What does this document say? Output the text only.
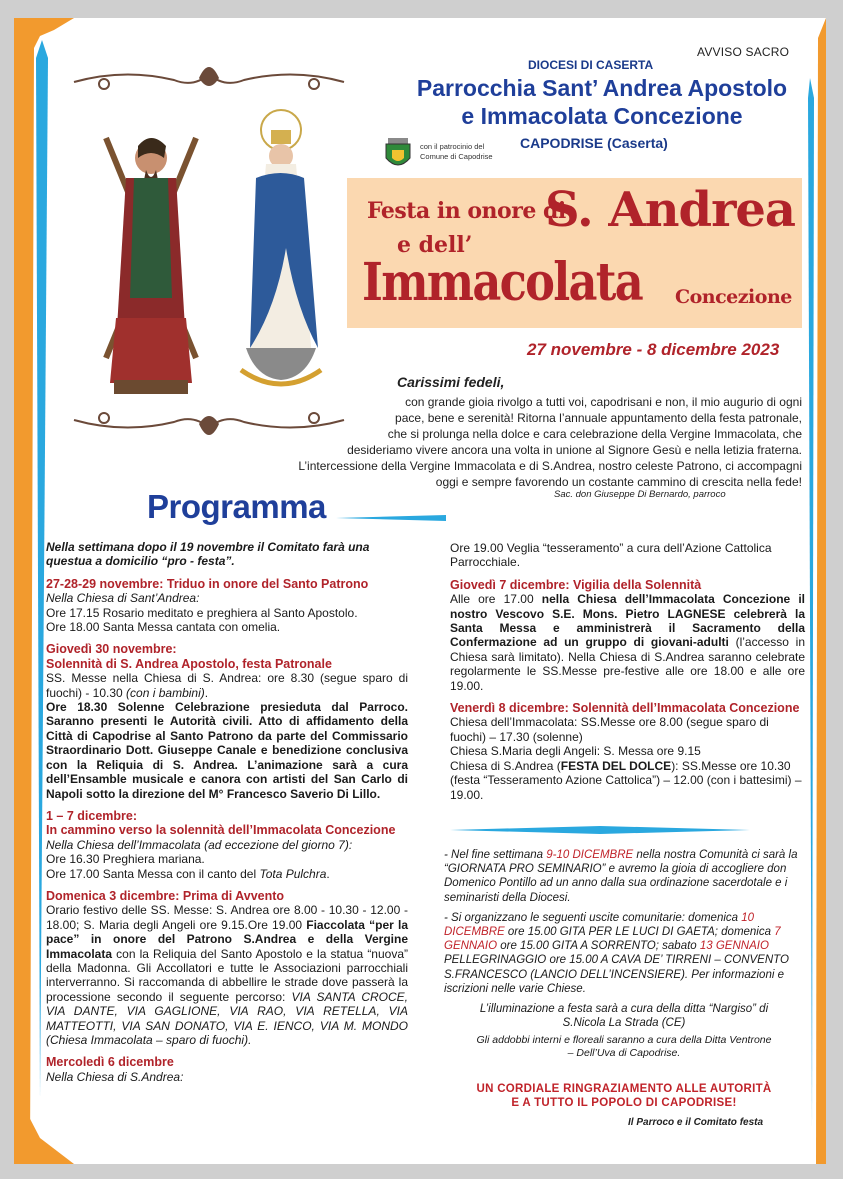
AVVISO SACRO
DIOCESI DI CASERTA
Parrocchia Sant’ Andrea Apostolo
e Immacolata Concezione
CAPODRISE (Caserta)
con il patrocinio del
Comune di Capodrise
Festa in onore di
S. Andrea
e dell’
Immacolata Concezione
27 novembre - 8 dicembre 2023
Carissimi fedeli,
con grande gioia rivolgo a tutti voi, capodrisani e non, il mio augurio di ogni
pace, bene e serenità! Ritorna l’annuale appuntamento della festa patronale,
che si prolunga nella dolce e cara celebrazione della Vergine Immacolata, che
desideriamo vivere ancora una volta in unione al Signore Gesù e nella letizia fraterna.
L’intercessione della Vergine Immacolata e di S.Andrea, nostro celeste Patrono, ci accompagni
oggi e sempre favorendo un costante cammino di crescita nella fede!
Sac. don Giuseppe Di Bernardo, parroco
Programma

Nella settimana dopo il 19 novembre il Comitato farà una questua a domicilio “pro - festa”.

27-28-29 novembre: Triduo in onore del Santo Patrono

Nella Chiesa di Sant’Andrea:

Ore 17.15 Rosario meditato e preghiera al Santo Apostolo.

Ore 18.00 Santa Messa cantata con omelia.

Giovedì 30 novembre:
Solennità di S. Andrea Apostolo, festa Patronale

SS. Messe nella Chiesa di S. Andrea: ore 8.30 (segue sparo di fuochi) - 10.30 (con i bambini).

Ore 18.30 Solenne Celebrazione presieduta dal Parroco. Saranno presenti le Autorità civili. Atto di affidamento della Città di Capodrise al Santo Patrono da parte del Commissario Straordinario Dott. Giuseppe Canale e benedizione conclusiva con la Reliquia di S. Andrea. L’animazione sarà a cura dell’Ensamble musicale e canora con artisti del San Carlo di Napoli sotto la direzione del M° Francesco Saverio Di Lillo.

1 – 7 dicembre:
In cammino verso la solennità dell’Immacolata Concezione

Nella Chiesa dell’Immacolata (ad eccezione del giorno 7):

Ore 16.30 Preghiera mariana.

Ore 17.00 Santa Messa con il canto del Tota Pulchra.

Domenica 3 dicembre: Prima di Avvento

Orario festivo delle SS. Messe: S. Andrea ore 8.00 - 10.30 - 12.00 - 18.00; S. Maria degli Angeli ore 9.15.Ore 19.00 Fiaccolata “per la pace” in onore del Patrono S.Andrea e della Vergine Immacolata con la Reliquia del Santo Apostolo e la statua “nuova” della Madonna. Gli Accollatori e tutte le Associazioni parrocchiali interverranno. Si raccomanda di abbellire le strade dove passerà la processione secondo il seguente percorso: VIA SANTA CROCE, VIA DANTE, VIA GAGLIONE, VIA RAO, VIA RETELLA, VIA MATTEOTTI, VIA SAN DONATO, VIA E. IENCO, VIA M. MONDO (Chiesa Immacolata – sparo di fuochi).

Mercoledì 6 dicembre

Nella Chiesa di S.Andrea:

Ore 19.00 Veglia “tesseramento” a cura dell’Azione Cattolica Parrocchiale.

Giovedì 7 dicembre: Vigilia della Solennità

Alle ore 17.00 nella Chiesa dell’Immacolata Concezione il nostro Vescovo S.E. Mons. Pietro LAGNESE celebrerà la Santa Messa e amministrerà il Sacramento della Confermazione ad un gruppo di giovani-adulti (l’accesso in Chiesa sarà limitato). Nella Chiesa di S.Andrea saranno celebrate regolarmente le SS.Messe pre-festive alle ore 18.00 e alle ore 19.00.

Venerdì 8 dicembre: Solennità dell’Immacolata Concezione

Chiesa dell’Immacolata: SS.Messe ore 8.00 (segue sparo di fuochi) – 17.30 (solenne)

Chiesa S.Maria degli Angeli: S. Messa ore 9.15

Chiesa di S.Andrea (FESTA DEL DOLCE): SS.Messe ore 10.30 (festa “Tesseramento Azione Cattolica”) – 12.00 (con i battesimi) – 19.00.

- Nel fine settimana 9-10 DICEMBRE nella nostra Comunità ci sarà la “GIORNATA PRO SEMINARIO” e avremo la gioia di accogliere don Domenico Pontillo ad un anno dalla sua ordinazione sacerdotale e i seminaristi della Diocesi.

- Si organizzano le seguenti uscite comunitarie: domenica 10 DICEMBRE ore 15.00 GITA PER LE LUCI DI GAETA; domenica 7 GENNAIO ore 15.00 GITA A SORRENTO; sabato 13 GENNAIO PELLEGRINAGGIO ore 15.00 A CAVA DE’ TIRRENI – CONVENTO S.FRANCESCO (LANCIO DELL’INCENSIERE). Per informazioni e iscrizioni nelle varie Chiese.

L’illuminazione a festa sarà a cura della ditta “Nargiso” di S.Nicola La Strada (CE)

Gli addobbi interni e floreali saranno a cura della Ditta Ventrone – Dell’Uva di Capodrise.

UN CORDIALE RINGRAZIAMENTO ALLE AUTORITÀ
E A TUTTO IL POPOLO DI CAPODRISE!
Il Parroco e il Comitato festa
